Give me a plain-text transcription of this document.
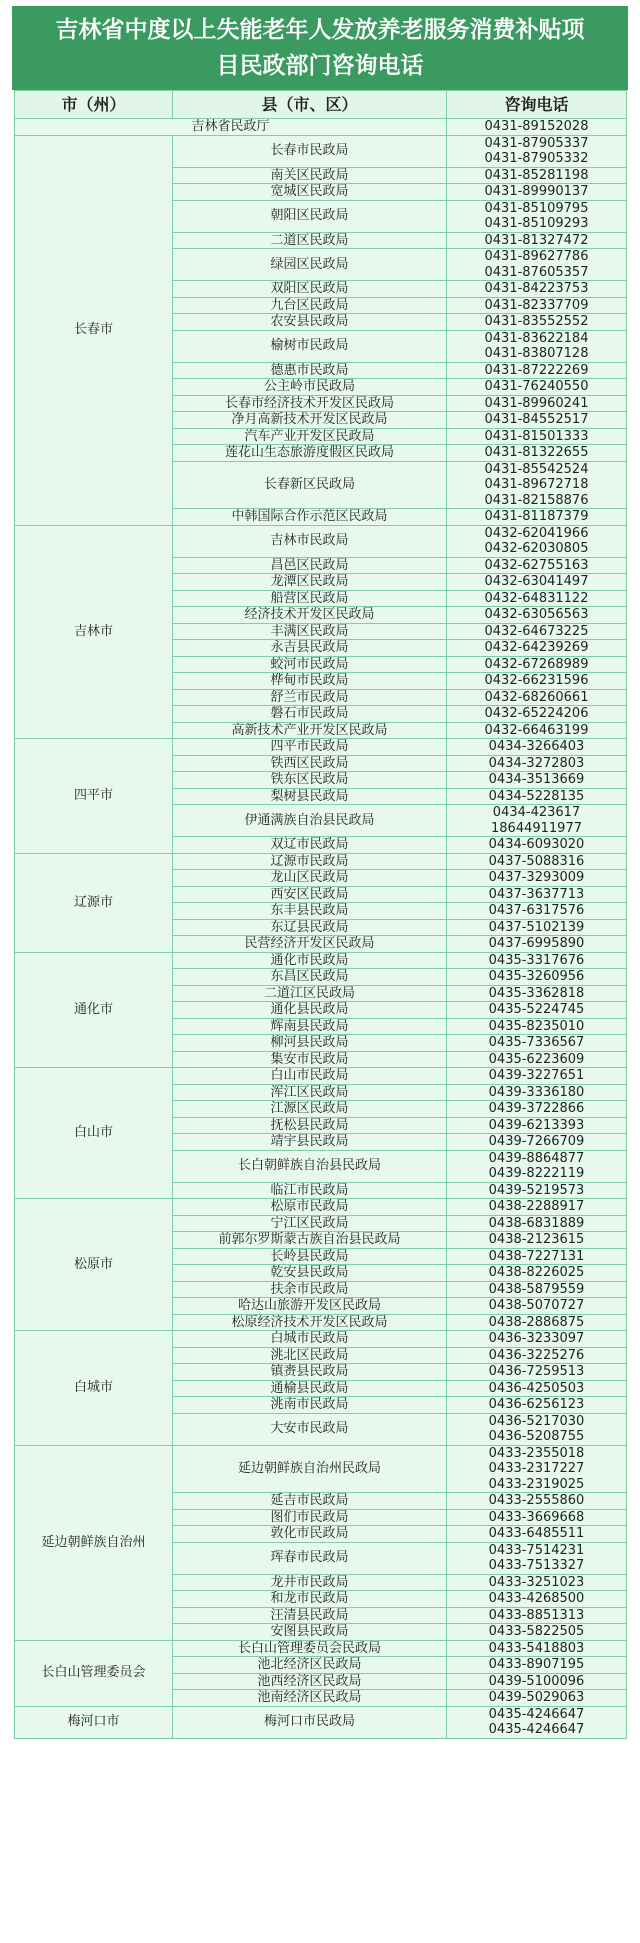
吉林省中度以上失能老年人发放养老服务消费补贴项
目民政部门咨询电话
市（州）	县（市、区）	咨询电话
吉林省民政厅		0431-89152028
长春市	长春市民政局	0431-87905337
0431-87905332

	南关区民政局	0431-85281198

	宽城区民政局	0431-89990137

	朝阳区民政局	0431-85109795
0431-85109293

	二道区民政局	0431-81327472

	绿园区民政局	0431-89627786
0431-87605357

	双阳区民政局	0431-84223753

	九台区民政局	0431-82337709

	农安县民政局	0431-83552552

	榆树市民政局	0431-83622184
0431-83807128

	德惠市民政局	0431-87222269

	公主岭市民政局	0431-76240550

	长春市经济技术开发区民政局	0431-89960241

	净月高新技术开发区民政局	0431-84552517

	汽车产业开发区民政局	0431-81501333

	莲花山生态旅游度假区民政局	0431-81322655

	长春新区民政局	0431-85542524
0431-89672718
0431-82158876

	中韩国际合作示范区民政局	0431-81187379

吉林市	吉林市民政局	0432-62041966
0432-62030805

	昌邑区民政局	0432-62755163

	龙潭区民政局	0432-63041497

	船营区民政局	0432-64831122

	经济技术开发区民政局	0432-63056563

	丰满区民政局	0432-64673225

	永吉县民政局	0432-64239269

	蛟河市民政局	0432-67268989

	桦甸市民政局	0432-66231596

	舒兰市民政局	0432-68260661

	磐石市民政局	0432-65224206

	高新技术产业开发区民政局	0432-66463199

四平市	四平市民政局	0434-3266403

	铁西区民政局	0434-3272803

	铁东区民政局	0434-3513669

	梨树县民政局	0434-5228135

	伊通满族自治县民政局	0434-423617
18644911977

	双辽市民政局	0434-6093020

辽源市	辽源市民政局	0437-5088316

	龙山区民政局	0437-3293009

	西安区民政局	0437-3637713

	东丰县民政局	0437-6317576

	东辽县民政局	0437-5102139

	民营经济开发区民政局	0437-6995890

通化市	通化市民政局	0435-3317676

	东昌区民政局	0435-3260956

	二道江区民政局	0435-3362818

	通化县民政局	0435-5224745

	辉南县民政局	0435-8235010

	柳河县民政局	0435-7336567

	集安市民政局	0435-6223609

白山市	白山市民政局	0439-3227651

	浑江区民政局	0439-3336180

	江源区民政局	0439-3722866

	抚松县民政局	0439-6213393

	靖宇县民政局	0439-7266709

	长白朝鲜族自治县民政局	0439-8864877
0439-8222119

	临江市民政局	0439-5219573

松原市	松原市民政局	0438-2288917

	宁江区民政局	0438-6831889

	前郭尔罗斯蒙古族自治县民政局	0438-2123615

	长岭县民政局	0438-7227131

	乾安县民政局	0438-8226025

	扶余市民政局	0438-5879559

	哈达山旅游开发区民政局	0438-5070727

	松原经济技术开发区民政局	0438-2886875

白城市	白城市民政局	0436-3233097

	洮北区民政局	0436-3225276

	镇赉县民政局	0436-7259513

	通榆县民政局	0436-4250503

	洮南市民政局	0436-6256123

	大安市民政局	0436-5217030
0436-5208755

延边朝鲜族自治州	延边朝鲜族自治州民政局	0433-2355018
0433-2317227
0433-2319025

	延吉市民政局	0433-2555860

	图们市民政局	0433-3669668

	敦化市民政局	0433-6485511

	珲春市民政局	0433-7514231
0433-7513327

	龙井市民政局	0433-3251023

	和龙市民政局	0433-4268500

	汪清县民政局	0433-8851313

	安图县民政局	0433-5822505

长白山管理委员会	长白山管理委员会民政局	0433-5418803

	池北经济区民政局	0433-8907195

	池西经济区民政局	0439-5100096

	池南经济区民政局	0439-5029063

梅河口市	梅河口市民政局	0435-4246647
0435-4246647
